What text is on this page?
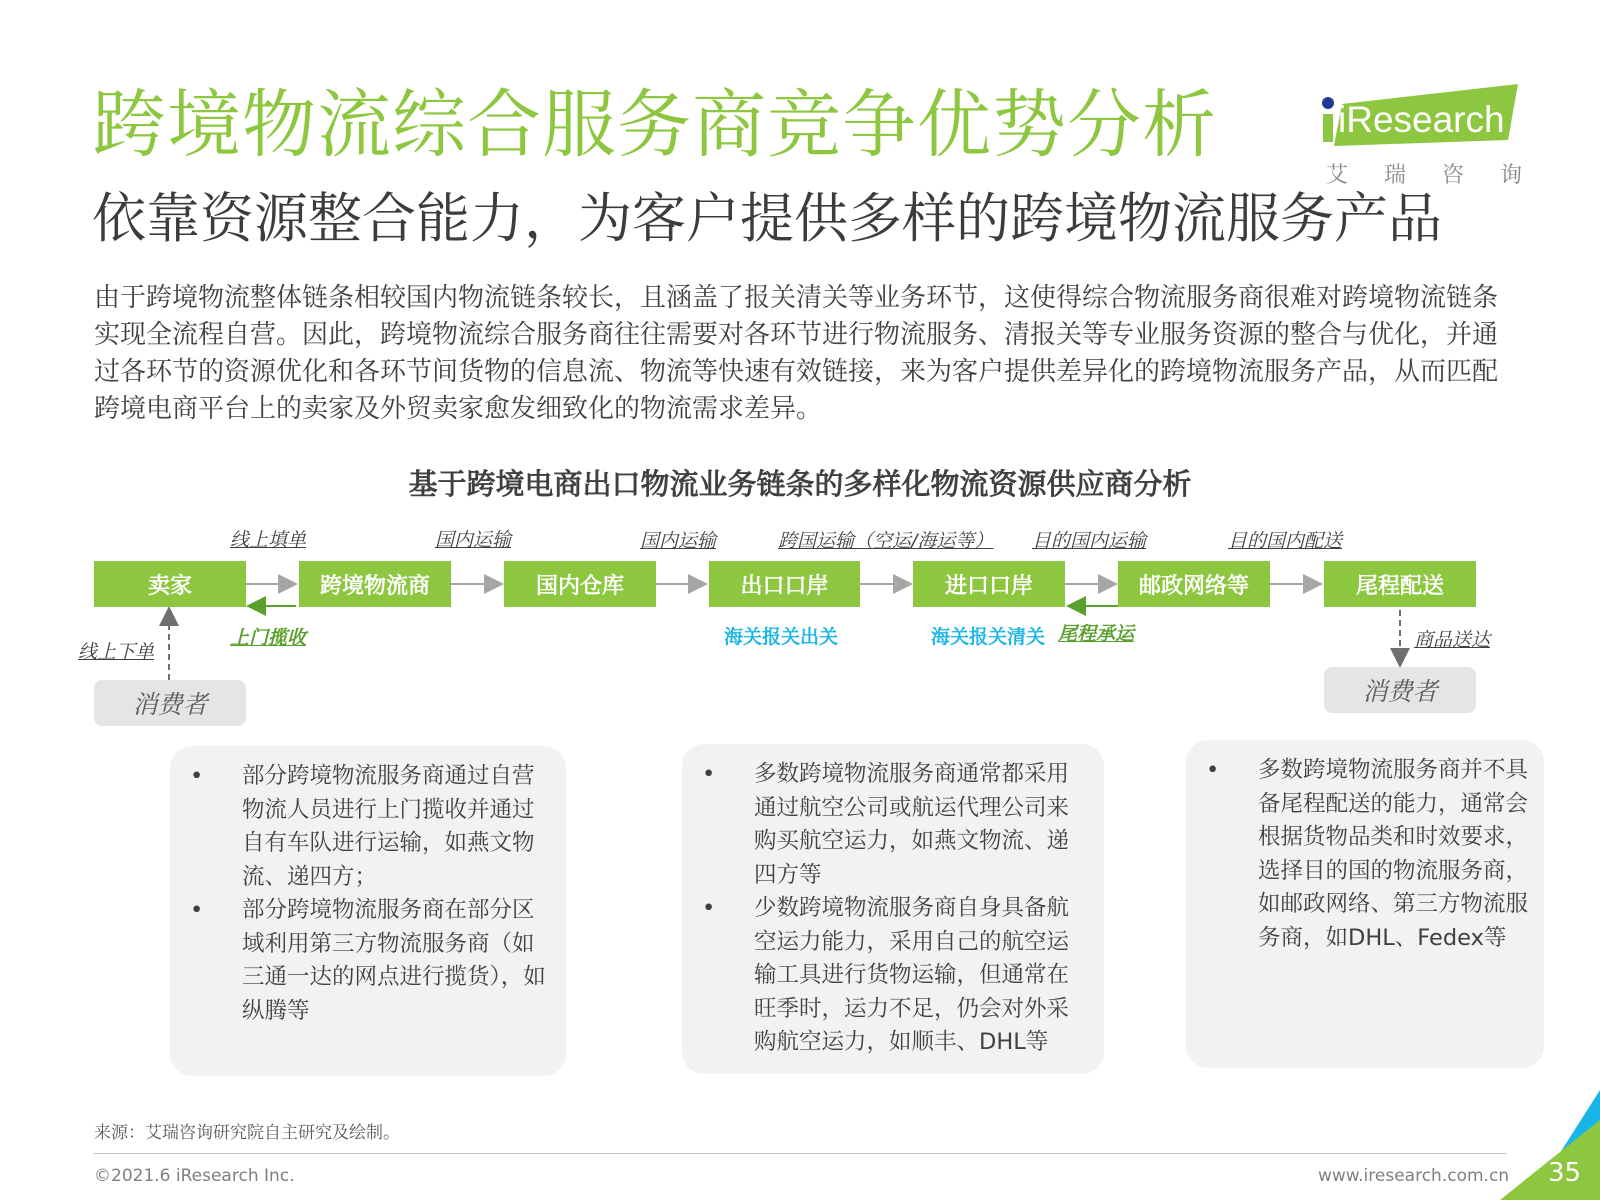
跨境物流综合服务商竞争优势分析
依靠资源整合能力，为客户提供多样的跨境物流服务产品
iResearch
艾 瑞 咨 询
由于跨境物流整体链条相较国内物流链条较长，且涵盖了报关清关等业务环节，这使得综合物流服务商很难对跨境物流链条实现全流程自营。因此，跨境物流综合服务商往往需要对各环节进行物流服务、清报关等专业服务资源的整合与优化，并通过各环节的资源优化和各环节间货物的信息流、物流等快速有效链接，来为客户提供差异化的跨境物流服务产品，从而匹配跨境电商平台上的卖家及外贸卖家愈发细致化的物流需求差异。
基于跨境电商出口物流业务链条的多样化物流资源供应商分析
卖家	跨境物流商	国内仓库	出口口岸	进口口岸	邮政网络等	尾程配送
线上填单	国内运输	国内运输	跨国运输（空运/海运等） 目的国内运输	目的国内配送
上门揽收	海关报关出关	海关报关清关 尾程承运
线上下单
商品送达
消费者	消费者
• 部分跨境物流服务商通过自营物流人员进行上门揽收并通过自有车队进行运输，如燕文物流、递四方；
• 部分跨境物流服务商在部分区域利用第三方物流服务商（如三通一达的网点进行揽货），如纵腾等
• 多数跨境物流服务商通常都采用通过航空公司或航运代理公司来购买航空运力，如燕文物流、递四方等
• 少数跨境物流服务商自身具备航空运力能力，采用自己的航空运输工具进行货物运输，但通常在旺季时，运力不足，仍会对外采购航空运力，如顺丰、DHL等
• 多数跨境物流服务商并不具备尾程配送的能力，通常会根据货物品类和时效要求，选择目的国的物流服务商，如邮政网络、第三方物流服务商，如DHL、Fedex等
来源：艾瑞咨询研究院自主研究及绘制。
©2021.6 iResearch Inc.	www.iresearch.com.cn 35
